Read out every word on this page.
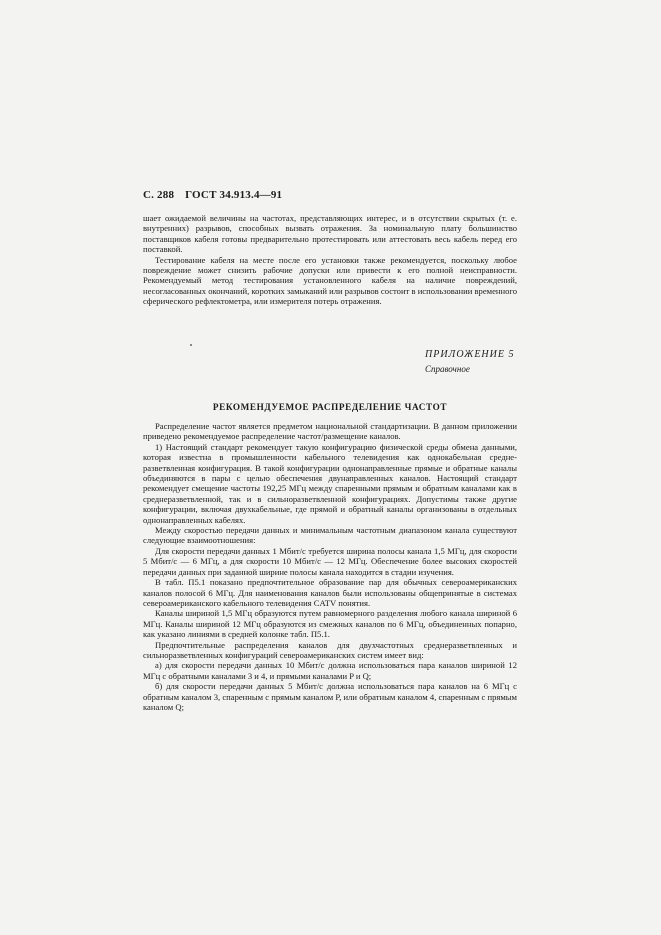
С. 288 ГОСТ 34.913.4—91

шает ожидаемой величины на частотах, представляющих интерес, и в отсутствии скрытых (т. е. внутренних) разрывов, способных вызвать отражения. За номинальную плату большинство поставщиков кабеля готовы предварительно протестировать или аттестовать весь кабель перед его поставкой.

Тестирование кабеля на месте после его установки также рекомендуется, поскольку любое повреждение может снизить рабочие допуски или привести к его полной неисправности. Рекомендуемый метод тестирования установленного кабеля на наличие повреждений, несогласованных окончаний, коротких замыканий или разрывов состоит в использовании временного сферического рефлектометра, или измерителя потерь отражения.

ПРИЛОЖЕНИЕ 5
Справочное
РЕКОМЕНДУЕМОЕ РАСПРЕДЕЛЕНИЕ ЧАСТОТ

Распределение частот является предметом национальной стандартизации. В данном приложении приведено рекомендуемое распределение частот/размещение каналов.

1) Настоящий стандарт рекомендует такую конфигурацию физической среды обмена данными, которая известна в промышленности кабельного телевидения как однокабельная среднеразветвленная конфигурация. В такой конфигурации однонаправленные прямые и обратные каналы объединяются в пары с целью обеспечения двунаправленных каналов. Настоящий стандарт рекомендует смещение частоты 192,25 МГц между спаренными прямым и обратным каналами как в среднеразветвленной, так и в сильноразветвленной конфигурациях. Допустимы также другие конфигурации, включая двухкабельные, где прямой и обратный каналы организованы в отдельных однонаправленных кабелях.

Между скоростью передачи данных и минимальным частотным диапазоном канала существуют следующие взаимоотношения:

Для скорости передачи данных 1 Мбит/с требуется ширина полосы канала 1,5 МГц, для скорости 5 Мбит/с — 6 МГц, а для скорости 10 Мбит/с — 12 МГц. Обеспечение более высоких скоростей передачи данных при заданной ширине полосы канала находится в стадии изучения.

В табл. П5.1 показано предпочтительное образование пар для обычных североамериканских каналов полосой 6 МГц. Для наименования каналов были использованы общепринятые в системах североамериканского кабельного телевидения CATV понятия.

Каналы шириной 1,5 МГц образуются путем равномерного разделения любого канала шириной 6 МГц. Каналы шириной 12 МГц образуются из смежных каналов по 6 МГц, объединенных попарно, как указано линиями в средней колонке табл. П5.1.

Предпочтительные распределения каналов для двухчастотных среднеразветвленных и сильноразветвленных конфигураций североамериканских систем имеет вид:

а) для скорости передачи данных 10 Мбит/с должна использоваться пара каналов шириной 12 МГц с обратными каналами 3 и 4, и прямыми каналами P и Q;

б) для скорости передачи данных 5 Мбит/с должна использоваться пара каналов на 6 МГц с обратным каналом 3, спаренным с прямым каналом P, или обратным каналом 4, спаренным с прямым каналом Q;
